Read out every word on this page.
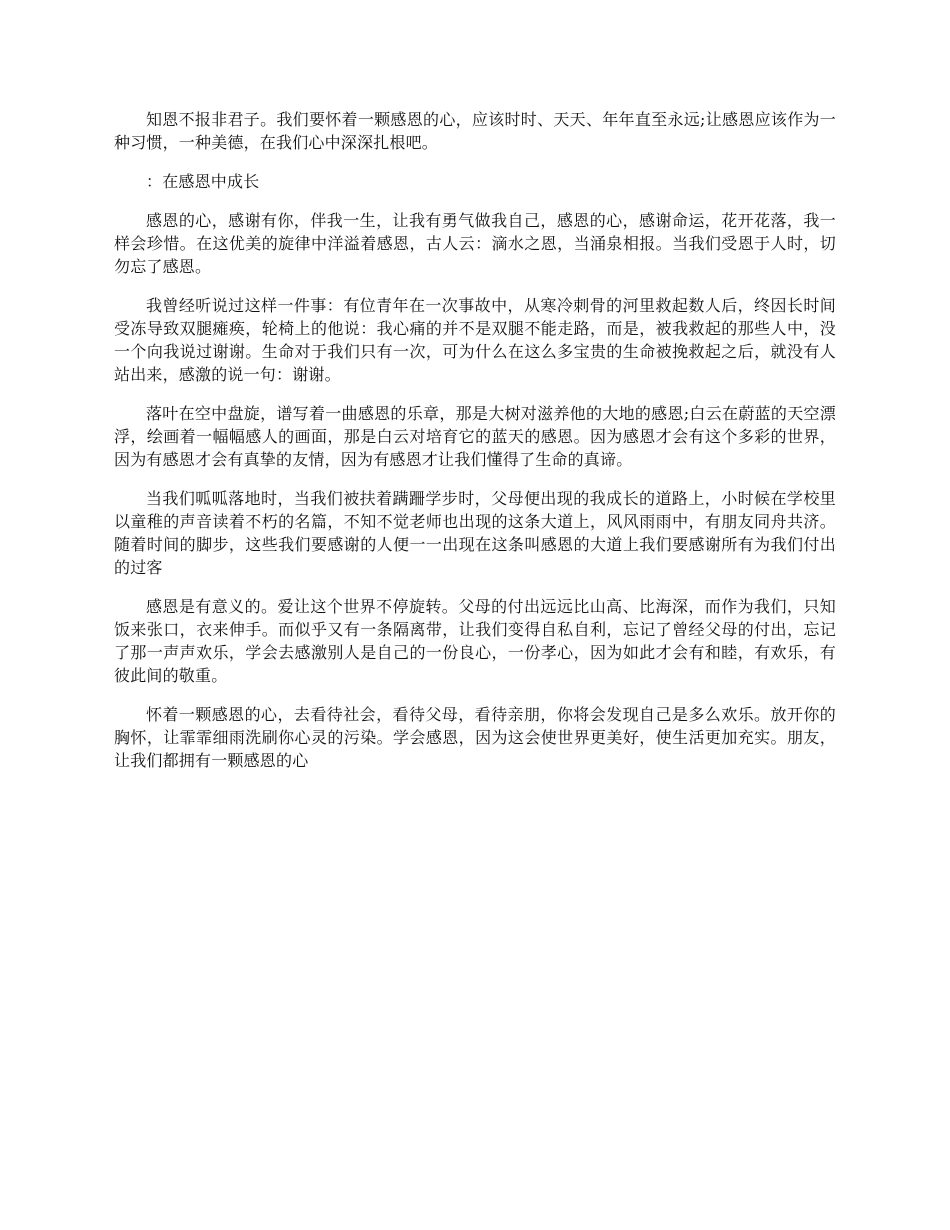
知恩不报非君子。我们要怀着一颗感恩的心，应该时时、天天、年年直至永远;让感恩应该作为一种习惯，一种美德，在我们心中深深扎根吧。

：在感恩中成长

感恩的心，感谢有你，伴我一生，让我有勇气做我自己，感恩的心，感谢命运，花开花落，我一样会珍惜。在这优美的旋律中洋溢着感恩，古人云：滴水之恩，当涌泉相报。当我们受恩于人时，切勿忘了感恩。

我曾经听说过这样一件事：有位青年在一次事故中，从寒冷刺骨的河里救起数人后，终因长时间受冻导致双腿瘫痪，轮椅上的他说：我心痛的并不是双腿不能走路，而是，被我救起的那些人中，没一个向我说过谢谢。生命对于我们只有一次，可为什么在这么多宝贵的生命被挽救起之后，就没有人站出来，感激的说一句：谢谢。

落叶在空中盘旋，谱写着一曲感恩的乐章，那是大树对滋养他的大地的感恩;白云在蔚蓝的天空漂浮，绘画着一幅幅感人的画面，那是白云对培育它的蓝天的感恩。因为感恩才会有这个多彩的世界，因为有感恩才会有真挚的友情，因为有感恩才让我们懂得了生命的真谛。

当我们呱呱落地时，当我们被扶着蹒跚学步时，父母便出现的我成长的道路上，小时候在学校里以童稚的声音读着不朽的名篇，不知不觉老师也出现的这条大道上，风风雨雨中，有朋友同舟共济。随着时间的脚步，这些我们要感谢的人便一一出现在这条叫感恩的大道上我们要感谢所有为我们付出的过客

感恩是有意义的。爱让这个世界不停旋转。父母的付出远远比山高、比海深，而作为我们，只知饭来张口，衣来伸手。而似乎又有一条隔离带，让我们变得自私自利，忘记了曾经父母的付出，忘记了那一声声欢乐，学会去感激别人是自己的一份良心，一份孝心，因为如此才会有和睦，有欢乐，有彼此间的敬重。

怀着一颗感恩的心，去看待社会，看待父母，看待亲朋，你将会发现自己是多么欢乐。放开你的胸怀，让霏霏细雨洗刷你心灵的污染。学会感恩，因为这会使世界更美好，使生活更加充实。朋友，让我们都拥有一颗感恩的心
